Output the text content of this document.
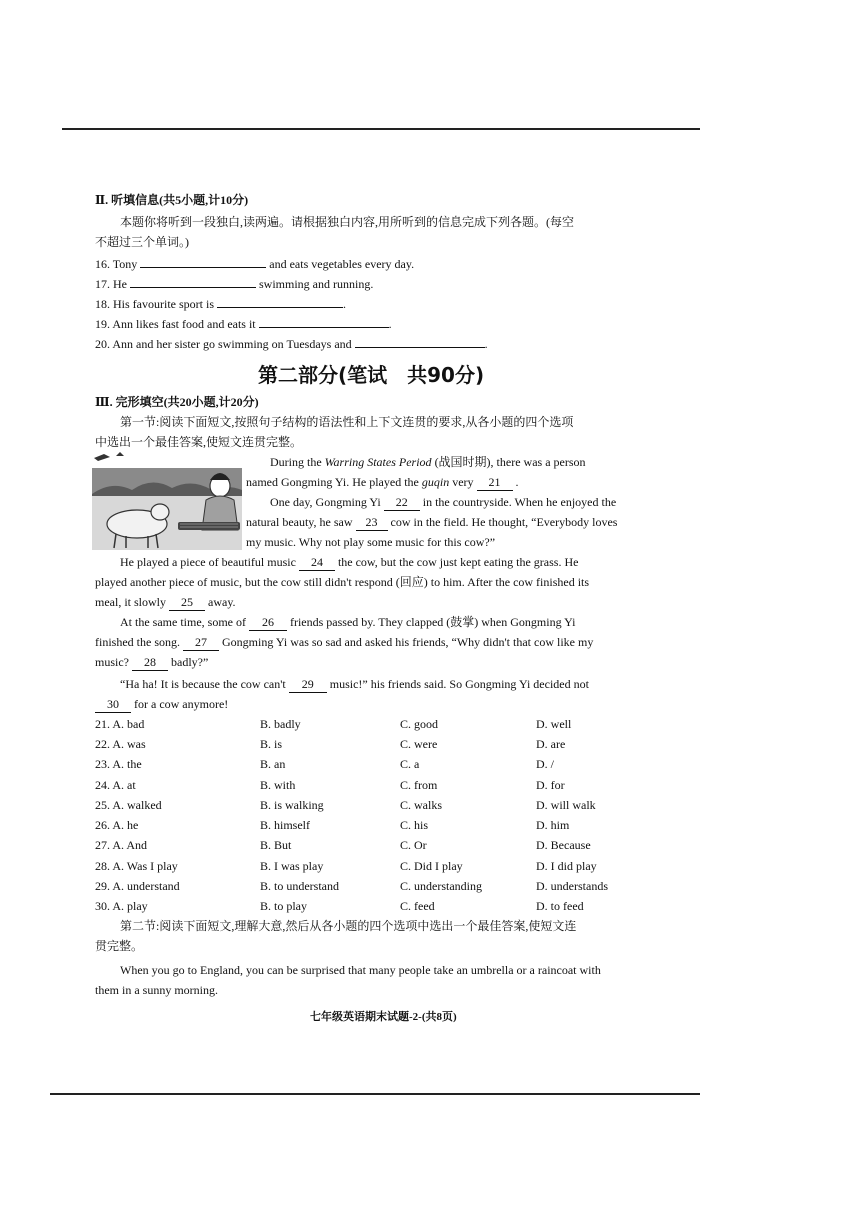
Ⅱ. 听填信息(共5小题,计10分)
本题你将听到一段独白,读两遍。请根据独白内容,用所听到的信息完成下列各题。(每空
不超过三个单词。)
16. Tony	and eats vegetables every day.
17. He	swimming and running.
18. His favourite sport is	.
19. Ann likes fast food and eats it	.
20. Ann and her sister go swimming on Tuesdays and	.
第二部分(笔试　共90分)
Ⅲ. 完形填空(共20小题,计20分)
第一节:阅读下面短文,按照句子结构的语法性和上下文连贯的要求,从各小题的四个选项
中选出一个最佳答案,使短文连贯完整。
During the Warring States Period (战国时期), there was a person
named Gongming Yi. He played the guqin very 21 .
One day, Gongming Yi 22 in the countryside. When he enjoyed the
natural beauty, he saw 23 cow in the field. He thought, “Everybody loves
my music. Why not play some music for this cow?”
He played a piece of beautiful music 24 the cow, but the cow just kept eating the grass. He
played another piece of music, but the cow still didn't respond (回应) to him. After the cow finished its
meal, it slowly 25 away.
At the same time, some of 26 friends passed by. They clapped (鼓掌) when Gongming Yi
finished the song. 27 Gongming Yi was so sad and asked his friends, “Why didn't that cow like my
music? 28 badly?”
“Ha ha! It is because the cow can't 29 music!” his friends said. So Gongming Yi decided not
30 for a cow anymore!
21. A. bad	B. badly	C. good	D. well
22. A. was	B. is	C. were	D. are
23. A. the	B. an	C. a	D. /
24. A. at	B. with	C. from	D. for
25. A. walked	B. is walking	C. walks	D. will walk
26. A. he	B. himself	C. his	D. him
27. A. And	B. But	C. Or	D. Because
28. A. Was I play	B. I was play	C. Did I play	D. I did play
29. A. understand	B. to understand	C. understanding	D. understands
30. A. play	B. to play	C. feed	D. to feed
第二节:阅读下面短文,理解大意,然后从各小题的四个选项中选出一个最佳答案,使短文连
贯完整。
When you go to England, you can be surprised that many people take an umbrella or a raincoat with
them in a sunny morning.
七年级英语期末试题-2-(共8页)
